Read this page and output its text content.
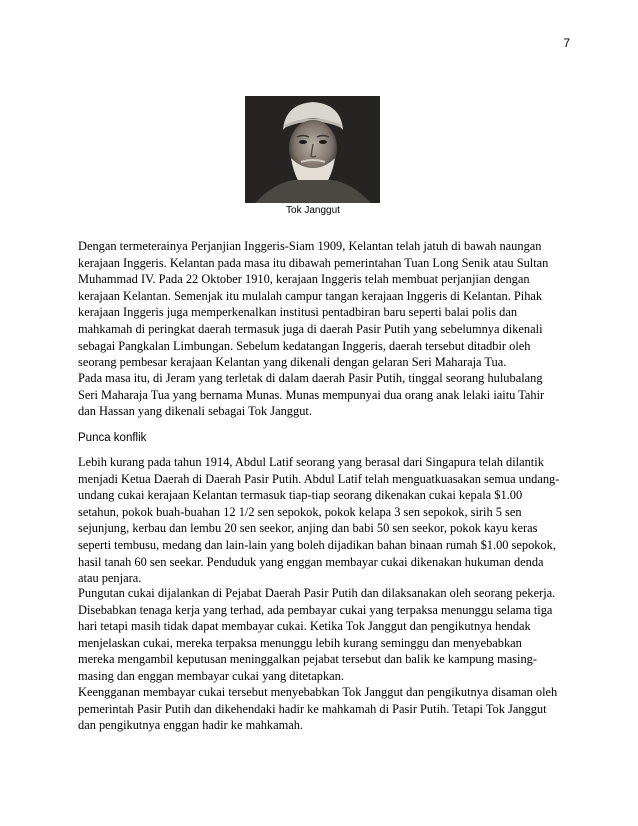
7
Tok Janggut
Dengan termeterainya Perjanjian Inggeris-Siam 1909, Kelantan telah jatuh di bawah naungan
kerajaan Inggeris. Kelantan pada masa itu dibawah pemerintahan Tuan Long Senik atau Sultan
Muhammad IV. Pada 22 Oktober 1910, kerajaan Inggeris telah membuat perjanjian dengan
kerajaan Kelantan. Semenjak itu mulalah campur tangan kerajaan Inggeris di Kelantan. Pihak
kerajaan Inggeris juga memperkenalkan institusi pentadbiran baru seperti balai polis dan
mahkamah di peringkat daerah termasuk juga di daerah Pasir Putih yang sebelumnya dikenali
sebagai Pangkalan Limbungan. Sebelum kedatangan Inggeris, daerah tersebut ditadbir oleh
seorang pembesar kerajaan Kelantan yang dikenali dengan gelaran Seri Maharaja Tua.
Pada masa itu, di Jeram yang terletak di dalam daerah Pasir Putih, tinggal seorang hulubalang
Seri Maharaja Tua yang bernama Munas. Munas mempunyai dua orang anak lelaki iaitu Tahir
dan Hassan yang dikenali sebagai Tok Janggut.
Punca konflik
Lebih kurang pada tahun 1914, Abdul Latif seorang yang berasal dari Singapura telah dilantik
menjadi Ketua Daerah di Daerah Pasir Putih. Abdul Latif telah menguatkuasakan semua undang-
undang cukai kerajaan Kelantan termasuk tiap-tiap seorang dikenakan cukai kepala $1.00
setahun, pokok buah-buahan 12 1/2 sen sepokok, pokok kelapa 3 sen sepokok, sirih 5 sen
sejunjung, kerbau dan lembu 20 sen seekor, anjing dan babi 50 sen seekor, pokok kayu keras
seperti tembusu, medang dan lain-lain yang boleh dijadikan bahan binaan rumah $1.00 sepokok,
hasil tanah 60 sen seekar. Penduduk yang enggan membayar cukai dikenakan hukuman denda
atau penjara.
Pungutan cukai dijalankan di Pejabat Daerah Pasir Putih dan dilaksanakan oleh seorang pekerja.
Disebabkan tenaga kerja yang terhad, ada pembayar cukai yang terpaksa menunggu selama tiga
hari tetapi masih tidak dapat membayar cukai. Ketika Tok Janggut dan pengikutnya hendak
menjelaskan cukai, mereka terpaksa menunggu lebih kurang seminggu dan menyebabkan
mereka mengambil keputusan meninggalkan pejabat tersebut dan balik ke kampung masing-
masing dan enggan membayar cukai yang ditetapkan.
Keengganan membayar cukai tersebut menyebabkan Tok Janggut dan pengikutnya disaman oleh
pemerintah Pasir Putih dan dikehendaki hadir ke mahkamah di Pasir Putih. Tetapi Tok Janggut
dan pengikutnya enggan hadir ke mahkamah.
